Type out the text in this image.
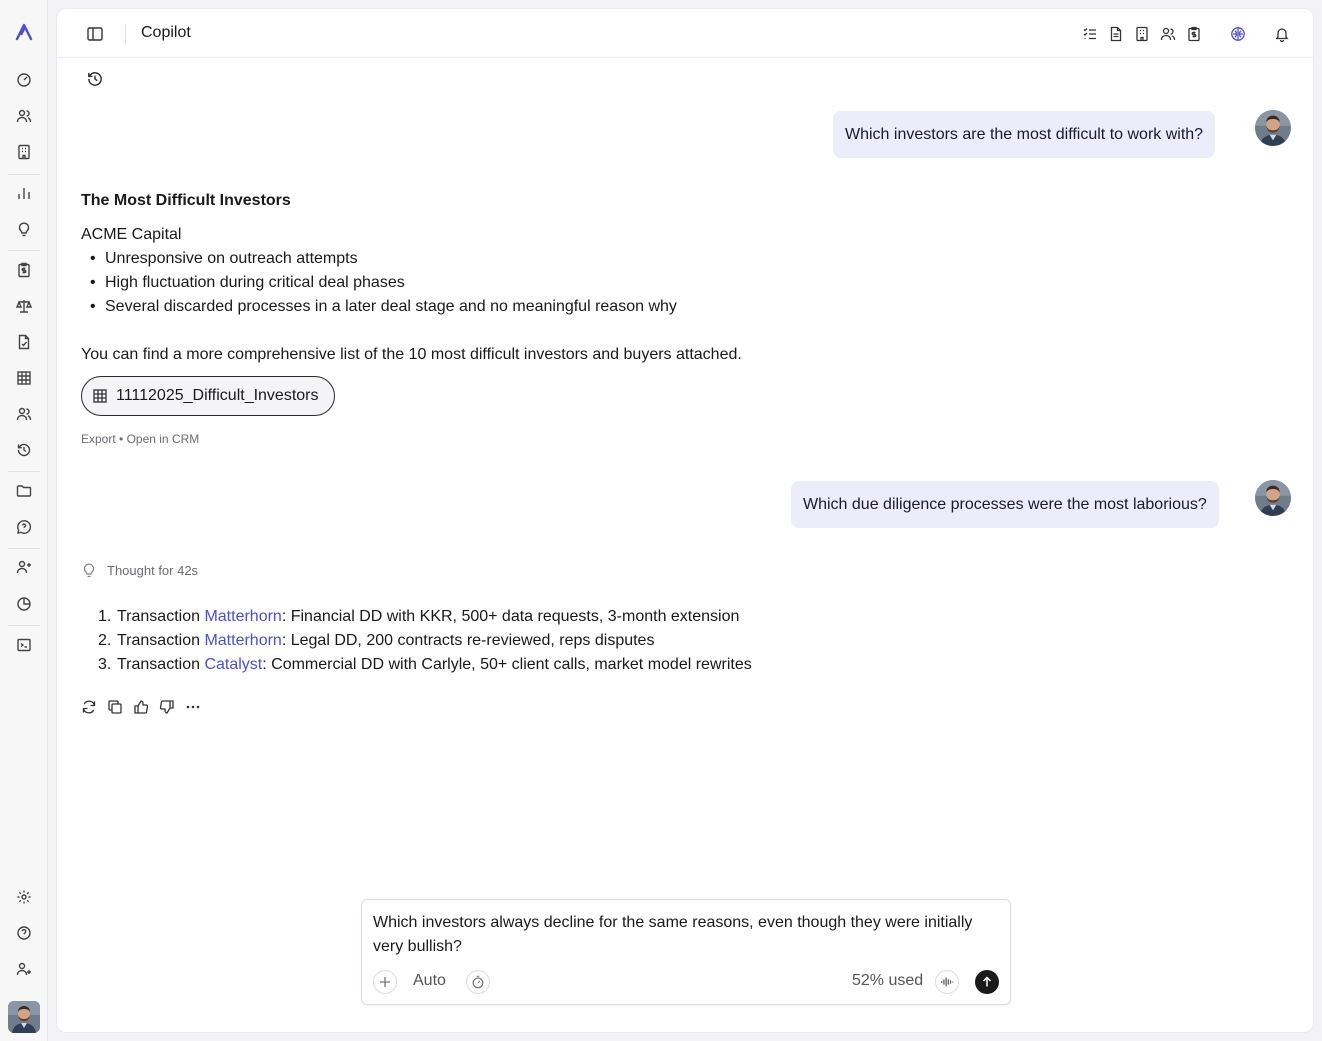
Copilot
Which investors are the most difficult to work with?
The Most Difficult Investors
ACME Capital
• Unresponsive on outreach attempts
• High fluctuation during critical deal phases
• Several discarded processes in a later deal stage and no meaningful reason why
You can find a more comprehensive list of the 10 most difficult investors and buyers attached.
11112025_Difficult_Investors
Export • Open in CRM
Which due diligence processes were the most laborious?
Thought for 42s
1. Transaction Matterhorn: Financial DD with KKR, 500+ data requests, 3-month extension
2. Transaction Matterhorn: Legal DD, 200 contracts re-reviewed, reps disputes
3. Transaction Catalyst: Commercial DD with Carlyle, 50+ client calls, market model rewrites
Which investors always decline for the same reasons, even though they were initially very bullish?
Auto	52% used
